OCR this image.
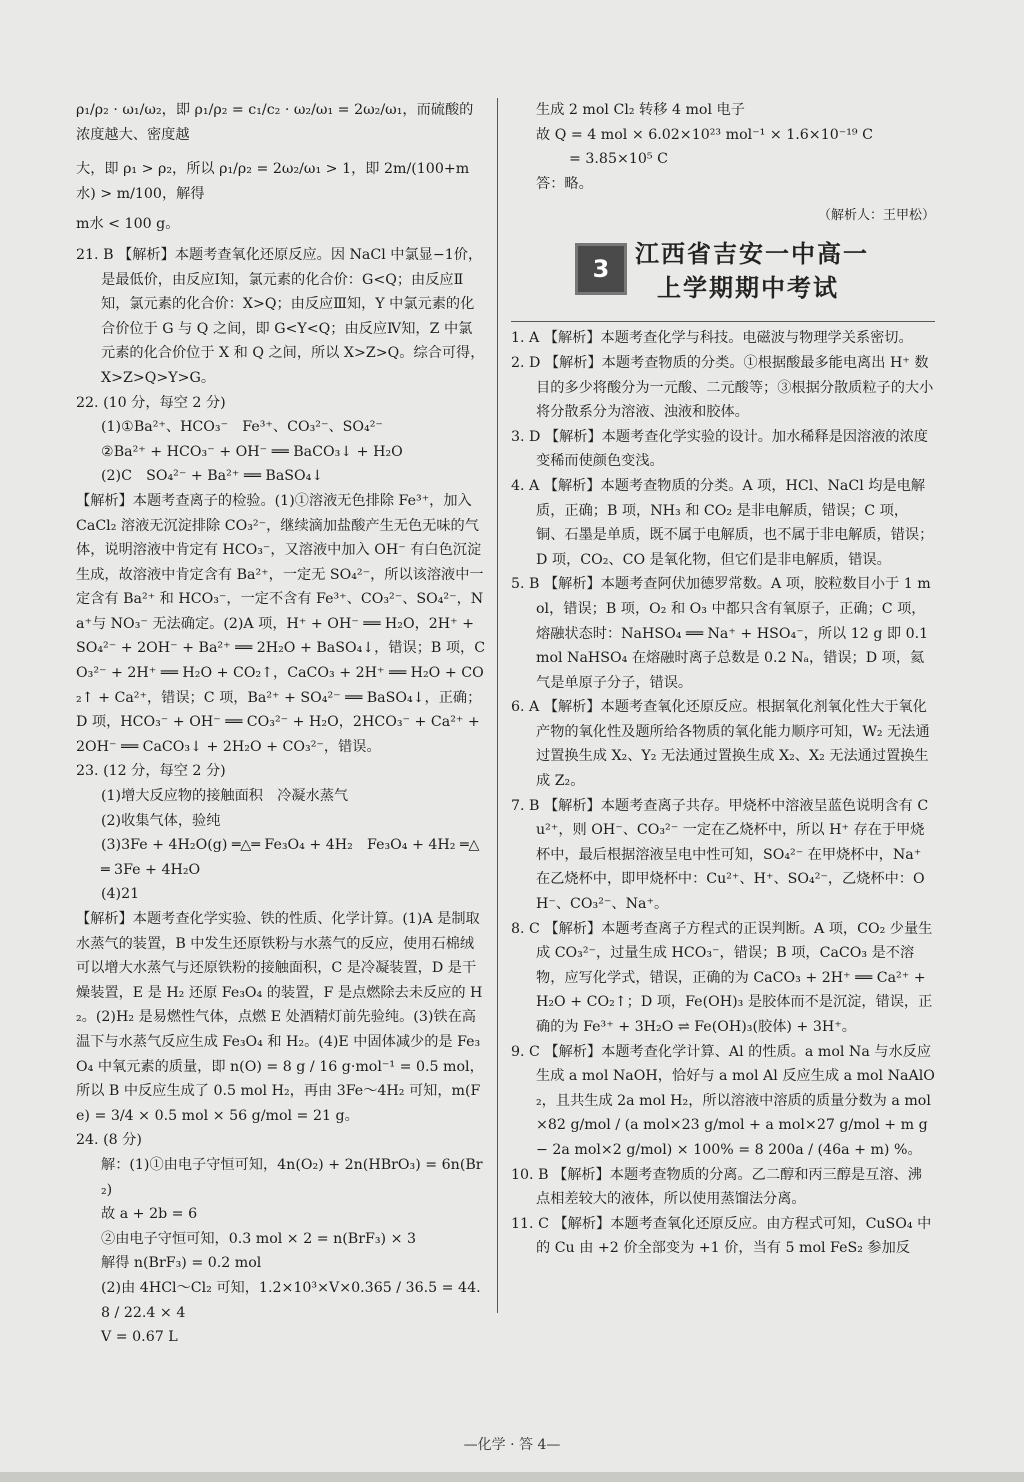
ρ₁/ρ₂ · ω₁/ω₂，即 ρ₁/ρ₂ = c₁/c₂ · ω₂/ω₁ = 2ω₂/ω₁，而硫酸的浓度越大、密度越

大，即 ρ₁ > ρ₂，所以 ρ₁/ρ₂ = 2ω₂/ω₁ > 1，即 2m/(100+m水) > m/100，解得

m水 < 100 g。

21. B 【解析】本题考查氧化还原反应。因 NaCl 中氯显−1价，是最低价，由反应Ⅰ知，氯元素的化合价：G<Q；由反应Ⅱ知，氯元素的化合价：X>Q；由反应Ⅲ知，Y 中氯元素的化合价位于 G 与 Q 之间，即 G<Y<Q；由反应Ⅳ知，Z 中氯元素的化合价位于 X 和 Q 之间，所以 X>Z>Q。综合可得，X>Z>Q>Y>G。

22. (10 分，每空 2 分)

(1)①Ba²⁺、HCO₃⁻　Fe³⁺、CO₃²⁻、SO₄²⁻

②Ba²⁺ + HCO₃⁻ + OH⁻ ══ BaCO₃↓ + H₂O

(2)C　SO₄²⁻ + Ba²⁺ ══ BaSO₄↓

【解析】本题考查离子的检验。(1)①溶液无色排除 Fe³⁺，加入 CaCl₂ 溶液无沉淀排除 CO₃²⁻，继续滴加盐酸产生无色无味的气体，说明溶液中肯定有 HCO₃⁻，又溶液中加入 OH⁻ 有白色沉淀生成，故溶液中肯定含有 Ba²⁺，一定无 SO₄²⁻，所以该溶液中一定含有 Ba²⁺ 和 HCO₃⁻，一定不含有 Fe³⁺、CO₃²⁻、SO₄²⁻，Na⁺与 NO₃⁻ 无法确定。(2)A 项，H⁺ + OH⁻ ══ H₂O，2H⁺ + SO₄²⁻ + 2OH⁻ + Ba²⁺ ══ 2H₂O + BaSO₄↓，错误；B 项，CO₃²⁻ + 2H⁺ ══ H₂O + CO₂↑，CaCO₃ + 2H⁺ ══ H₂O + CO₂↑ + Ca²⁺，错误；C 项，Ba²⁺ + SO₄²⁻ ══ BaSO₄↓，正确；D 项，HCO₃⁻ + OH⁻ ══ CO₃²⁻ + H₂O，2HCO₃⁻ + Ca²⁺ + 2OH⁻ ══ CaCO₃↓ + 2H₂O + CO₃²⁻，错误。

23. (12 分，每空 2 分)

(1)增大反应物的接触面积　冷凝水蒸气

(2)收集气体，验纯

(3)3Fe + 4H₂O(g) ═△═ Fe₃O₄ + 4H₂　Fe₃O₄ + 4H₂ ═△═ 3Fe + 4H₂O

(4)21

【解析】本题考查化学实验、铁的性质、化学计算。(1)A 是制取水蒸气的装置，B 中发生还原铁粉与水蒸气的反应，使用石棉绒可以增大水蒸气与还原铁粉的接触面积，C 是冷凝装置，D 是干燥装置，E 是 H₂ 还原 Fe₃O₄ 的装置，F 是点燃除去未反应的 H₂。(2)H₂ 是易燃性气体，点燃 E 处酒精灯前先验纯。(3)铁在高温下与水蒸气反应生成 Fe₃O₄ 和 H₂。(4)E 中固体减少的是 Fe₃O₄ 中氧元素的质量，即 n(O) = 8 g / 16 g·mol⁻¹ = 0.5 mol，所以 B 中反应生成了 0.5 mol H₂，再由 3Fe～4H₂ 可知，m(Fe) = 3/4 × 0.5 mol × 56 g/mol = 21 g。

24. (8 分)

解：(1)①由电子守恒可知，4n(O₂) + 2n(HBrO₃) = 6n(Br₂)

故 a + 2b = 6

②由电子守恒可知，0.3 mol × 2 = n(BrF₃) × 3

解得 n(BrF₃) = 0.2 mol

(2)由 4HCl～Cl₂ 可知，1.2×10³×V×0.365 / 36.5 = 44.8 / 22.4 × 4

V = 0.67 L

生成 2 mol Cl₂ 转移 4 mol 电子

故 Q = 4 mol × 6.02×10²³ mol⁻¹ × 1.6×10⁻¹⁹ C

= 3.85×10⁵ C

答：略。

（解析人：王甲松）

3
江西省吉安一中高一
上学期期中考试

1. A 【解析】本题考查化学与科技。电磁波与物理学关系密切。

2. D 【解析】本题考查物质的分类。①根据酸最多能电离出 H⁺ 数目的多少将酸分为一元酸、二元酸等；③根据分散质粒子的大小将分散系分为溶液、浊液和胶体。

3. D 【解析】本题考查化学实验的设计。加水稀释是因溶液的浓度变稀而使颜色变浅。

4. A 【解析】本题考查物质的分类。A 项，HCl、NaCl 均是电解质，正确；B 项，NH₃ 和 CO₂ 是非电解质，错误；C 项，铜、石墨是单质，既不属于电解质，也不属于非电解质，错误；D 项，CO₂、CO 是氧化物，但它们是非电解质，错误。

5. B 【解析】本题考查阿伏加德罗常数。A 项，胶粒数目小于 1 mol，错误；B 项，O₂ 和 O₃ 中都只含有氧原子，正确；C 项，熔融状态时：NaHSO₄ ══ Na⁺ + HSO₄⁻，所以 12 g 即 0.1 mol NaHSO₄ 在熔融时离子总数是 0.2 Nₐ，错误；D 项，氦气是单原子分子，错误。

6. A 【解析】本题考查氧化还原反应。根据氧化剂氧化性大于氧化产物的氧化性及题所给各物质的氧化能力顺序可知，W₂ 无法通过置换生成 X₂、Y₂ 无法通过置换生成 X₂、X₂ 无法通过置换生成 Z₂。

7. B 【解析】本题考查离子共存。甲烧杯中溶液呈蓝色说明含有 Cu²⁺，则 OH⁻、CO₃²⁻ 一定在乙烧杯中，所以 H⁺ 存在于甲烧杯中，最后根据溶液呈电中性可知，SO₄²⁻ 在甲烧杯中，Na⁺ 在乙烧杯中，即甲烧杯中：Cu²⁺、H⁺、SO₄²⁻，乙烧杯中：OH⁻、CO₃²⁻、Na⁺。

8. C 【解析】本题考查离子方程式的正误判断。A 项，CO₂ 少量生成 CO₃²⁻，过量生成 HCO₃⁻，错误；B 项，CaCO₃ 是不溶物，应写化学式，错误，正确的为 CaCO₃ + 2H⁺ ══ Ca²⁺ + H₂O + CO₂↑；D 项，Fe(OH)₃ 是胶体而不是沉淀，错误，正确的为 Fe³⁺ + 3H₂O ⇌ Fe(OH)₃(胶体) + 3H⁺。

9. C 【解析】本题考查化学计算、Al 的性质。a mol Na 与水反应生成 a mol NaOH，恰好与 a mol Al 反应生成 a mol NaAlO₂，且共生成 2a mol H₂，所以溶液中溶质的质量分数为 a mol×82 g/mol / (a mol×23 g/mol + a mol×27 g/mol + m g − 2a mol×2 g/mol) × 100% = 8 200a / (46a + m) %。

10. B 【解析】本题考查物质的分离。乙二醇和丙三醇是互溶、沸点相差较大的液体，所以使用蒸馏法分离。

11. C 【解析】本题考查氧化还原反应。由方程式可知，CuSO₄ 中的 Cu 由 +2 价全部变为 +1 价，当有 5 mol FeS₂ 参加反

—化学 · 答 4—
